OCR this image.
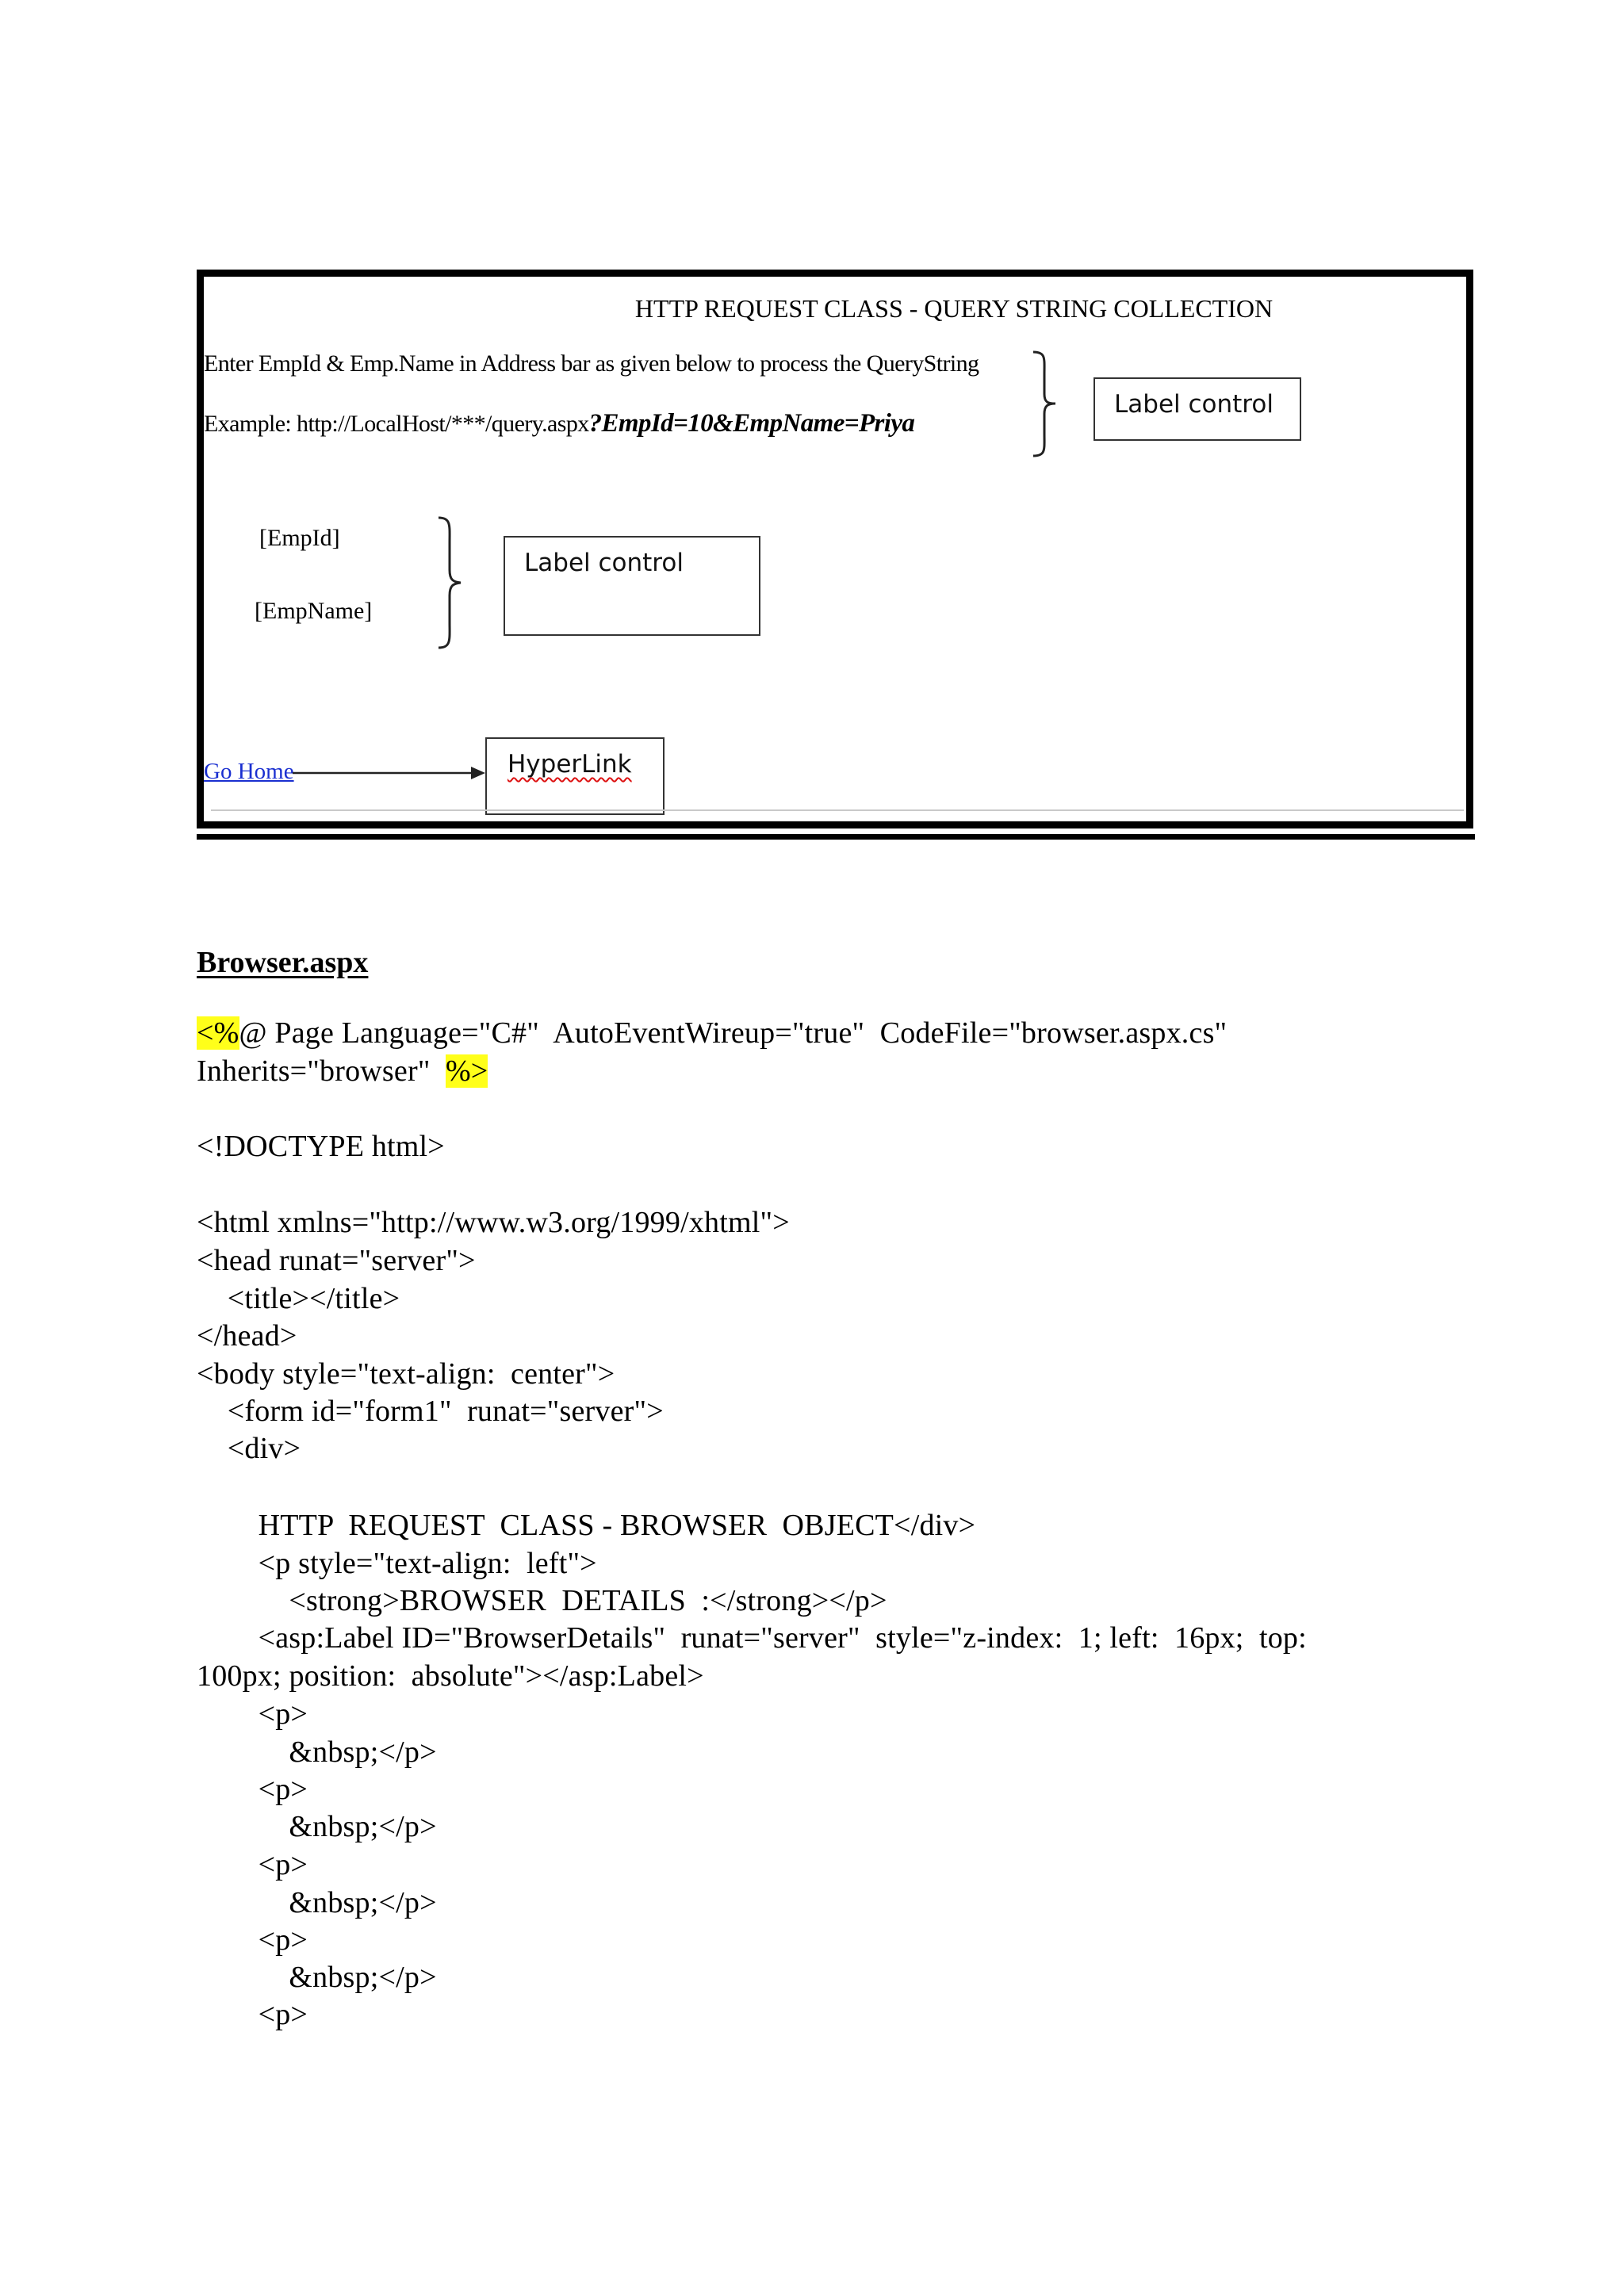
HTTP REQUEST CLASS - QUERY STRING COLLECTION
Enter EmpId & Emp.Name in Address bar as given below to process the QueryString
Example: http://LocalHost/***/query.aspx?EmpId=10&EmpName=Priya
Label control
[EmpId]
[EmpName]
Label control
Go Home	HyperLink
Browser.aspx
<%@ Page Language="C#"  AutoEventWireup="true"  CodeFile="browser.aspx.cs"
Inherits="browser"  %>
<!DOCTYPE html>
<html xmlns="http://www.w3.org/1999/xhtml">
<head runat="server">
<title></title>
</head>
<body style="text-align:  center">
<form id="form1"  runat="server">
<div>
HTTP  REQUEST  CLASS - BROWSER  OBJECT</div>
<p style="text-align:  left">
<strong>BROWSER  DETAILS  :</strong></p>
<asp:Label ID="BrowserDetails"  runat="server"  style="z-index:  1; left:  16px;  top:
100px; position:  absolute"></asp:Label>
<p>
&nbsp;</p>
<p>
&nbsp;</p>
<p>
&nbsp;</p>
<p>
&nbsp;</p>
<p>
